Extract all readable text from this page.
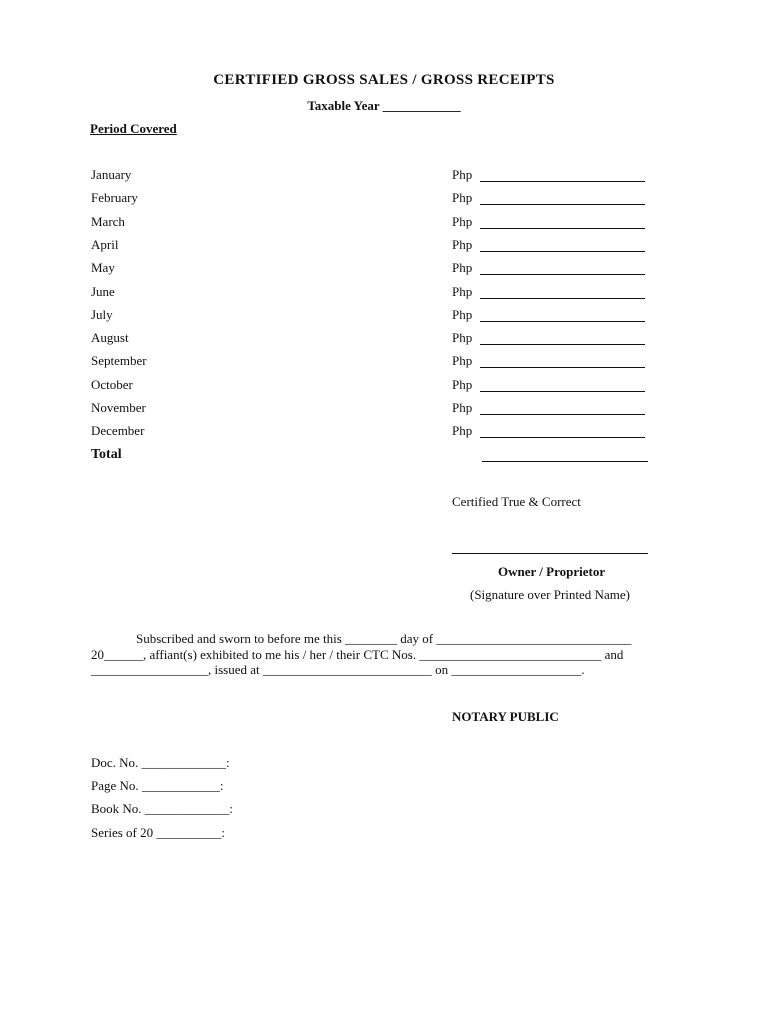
CERTIFIED GROSS SALES / GROSS RECEIPTS
Taxable Year ____________
Period Covered
January	Php
February	Php
March	Php
April	Php
May	Php
June	Php
July	Php
August	Php
September	Php
October	Php
November	Php
December	Php
Total
Certified True & Correct
Owner / Proprietor
(Signature over Printed Name)
Subscribed and sworn to before me this ________ day of ______________________________
20______, affiant(s) exhibited to me his / her / their CTC Nos. ____________________________ and
__________________, issued at __________________________ on ____________________.
NOTARY PUBLIC
Doc. No. _____________:
Page No. ____________:
Book No. _____________:
Series of 20 __________:
